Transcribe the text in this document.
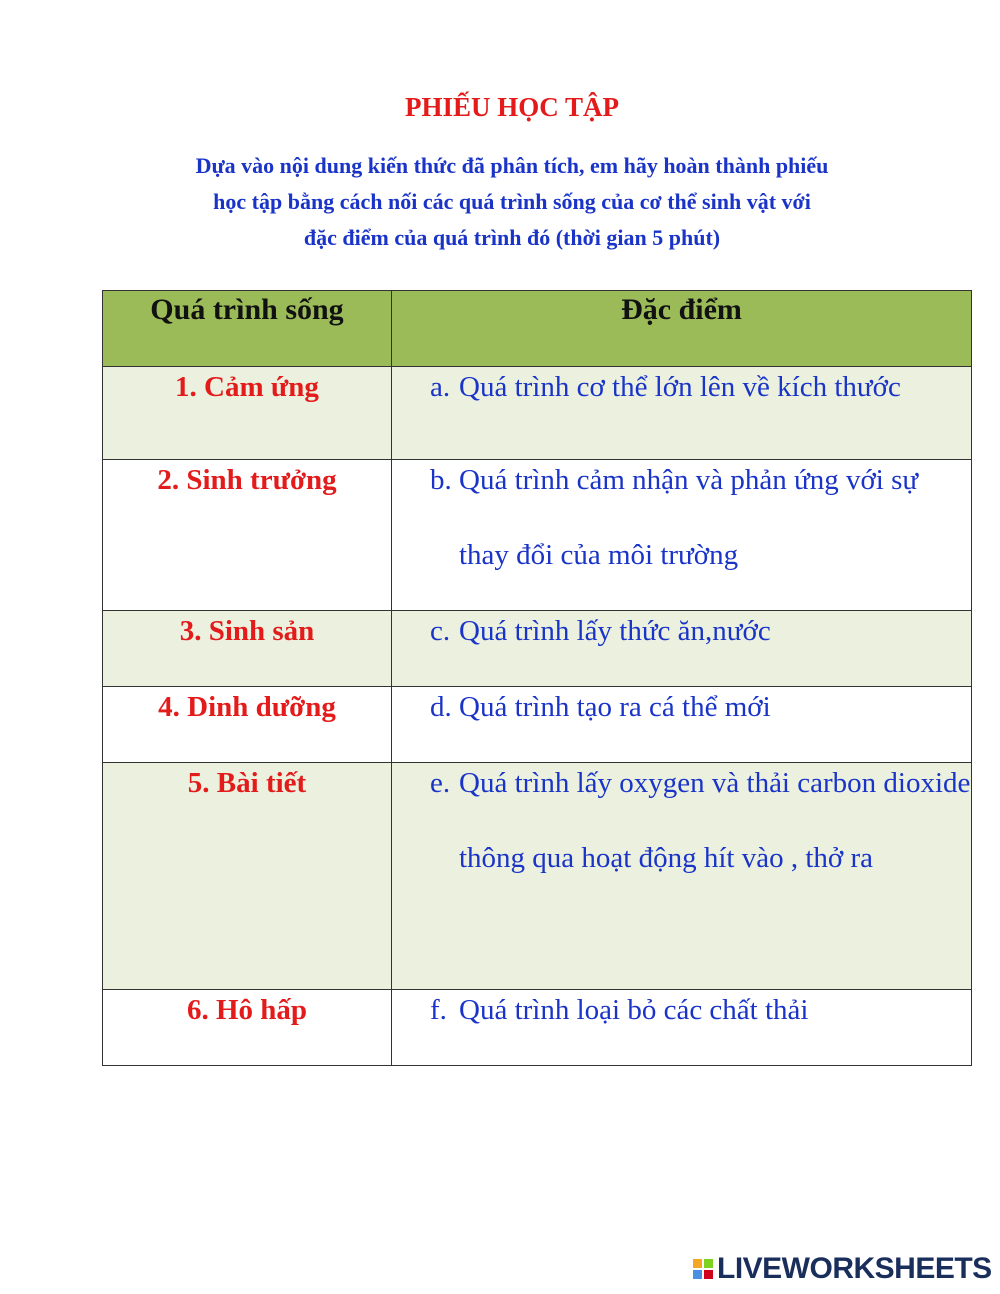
PHIẾU HỌC TẬP
Dựa vào nội dung kiến thức đã phân tích, em hãy hoàn thành phiếu
học tập bằng cách nối các quá trình sống của cơ thể sinh vật với
đặc điểm của quá trình đó (thời gian 5 phút)
Quá trình sống	Đặc điểm

1. Cảm ứng	a. Quá trình cơ thể lớn lên về kích thước

2. Sinh trưởng	b. Quá trình cảm nhận và phản ứng với sự thay đổi của môi trường

3. Sinh sản	c. Quá trình lấy thức ăn,nước

4. Dinh dưỡng	d. Quá trình tạo ra cá thể mới

5. Bài tiết	e. Quá trình lấy oxygen và thải carbon dioxide thông qua hoạt động hít vào , thở ra

6. Hô hấp	f. Quá trình loại bỏ các chất thải
LIVEWORKSHEETS
